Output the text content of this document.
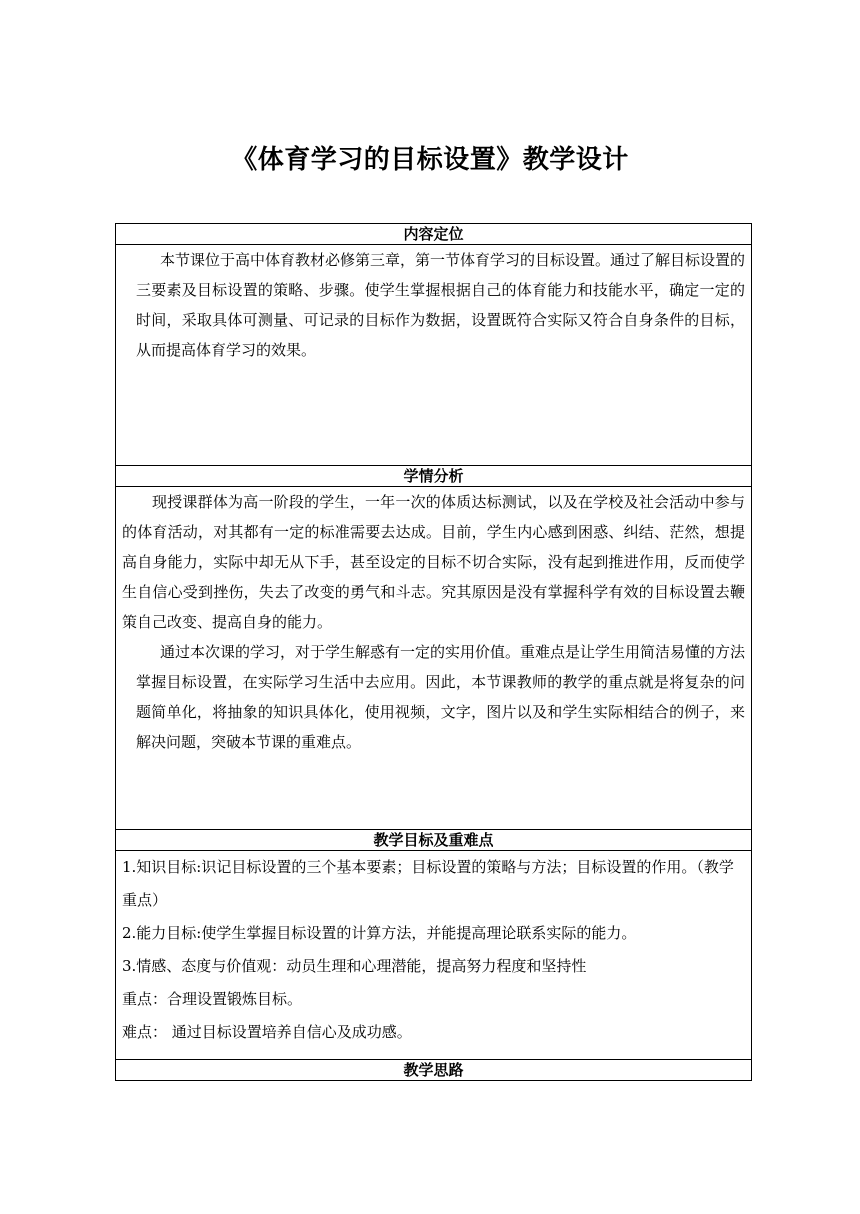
《体育学习的目标设置》教学设计
内容定位

本节课位于高中体育教材必修第三章，第一节体育学习的目标设置。通过了解目标设置的三要素及目标设置的策略、步骤。使学生掌握根据自己的体育能力和技能水平，确定一定的时间，采取具体可测量、可记录的目标作为数据，设置既符合实际又符合自身条件的目标，从而提高体育学习的效果。

学情分析

现授课群体为高一阶段的学生，一年一次的体质达标测试，以及在学校及社会活动中参与的体育活动，对其都有一定的标准需要去达成。目前，学生内心感到困惑、纠结、茫然，想提高自身能力，实际中却无从下手，甚至设定的目标不切合实际，没有起到推进作用，反而使学生自信心受到挫伤，失去了改变的勇气和斗志。究其原因是没有掌握科学有效的目标设置去鞭策自己改变、提高自身的能力。

通过本次课的学习，对于学生解惑有一定的实用价值。重难点是让学生用简洁易懂的方法掌握目标设置，在实际学习生活中去应用。因此，本节课教师的教学的重点就是将复杂的问题简单化，将抽象的知识具体化，使用视频，文字，图片以及和学生实际相结合的例子，来解决问题，突破本节课的重难点。

教学目标及重难点

1.知识目标:识记目标设置的三个基本要素；目标设置的策略与方法；目标设置的作用。（教学重点）

2.能力目标:使学生掌握目标设置的计算方法，并能提高理论联系实际的能力。

3.情感、态度与价值观：动员生理和心理潜能，提高努力程度和坚持性

重点：合理设置锻炼目标。

难点： 通过目标设置培养自信心及成功感。

教学思路
